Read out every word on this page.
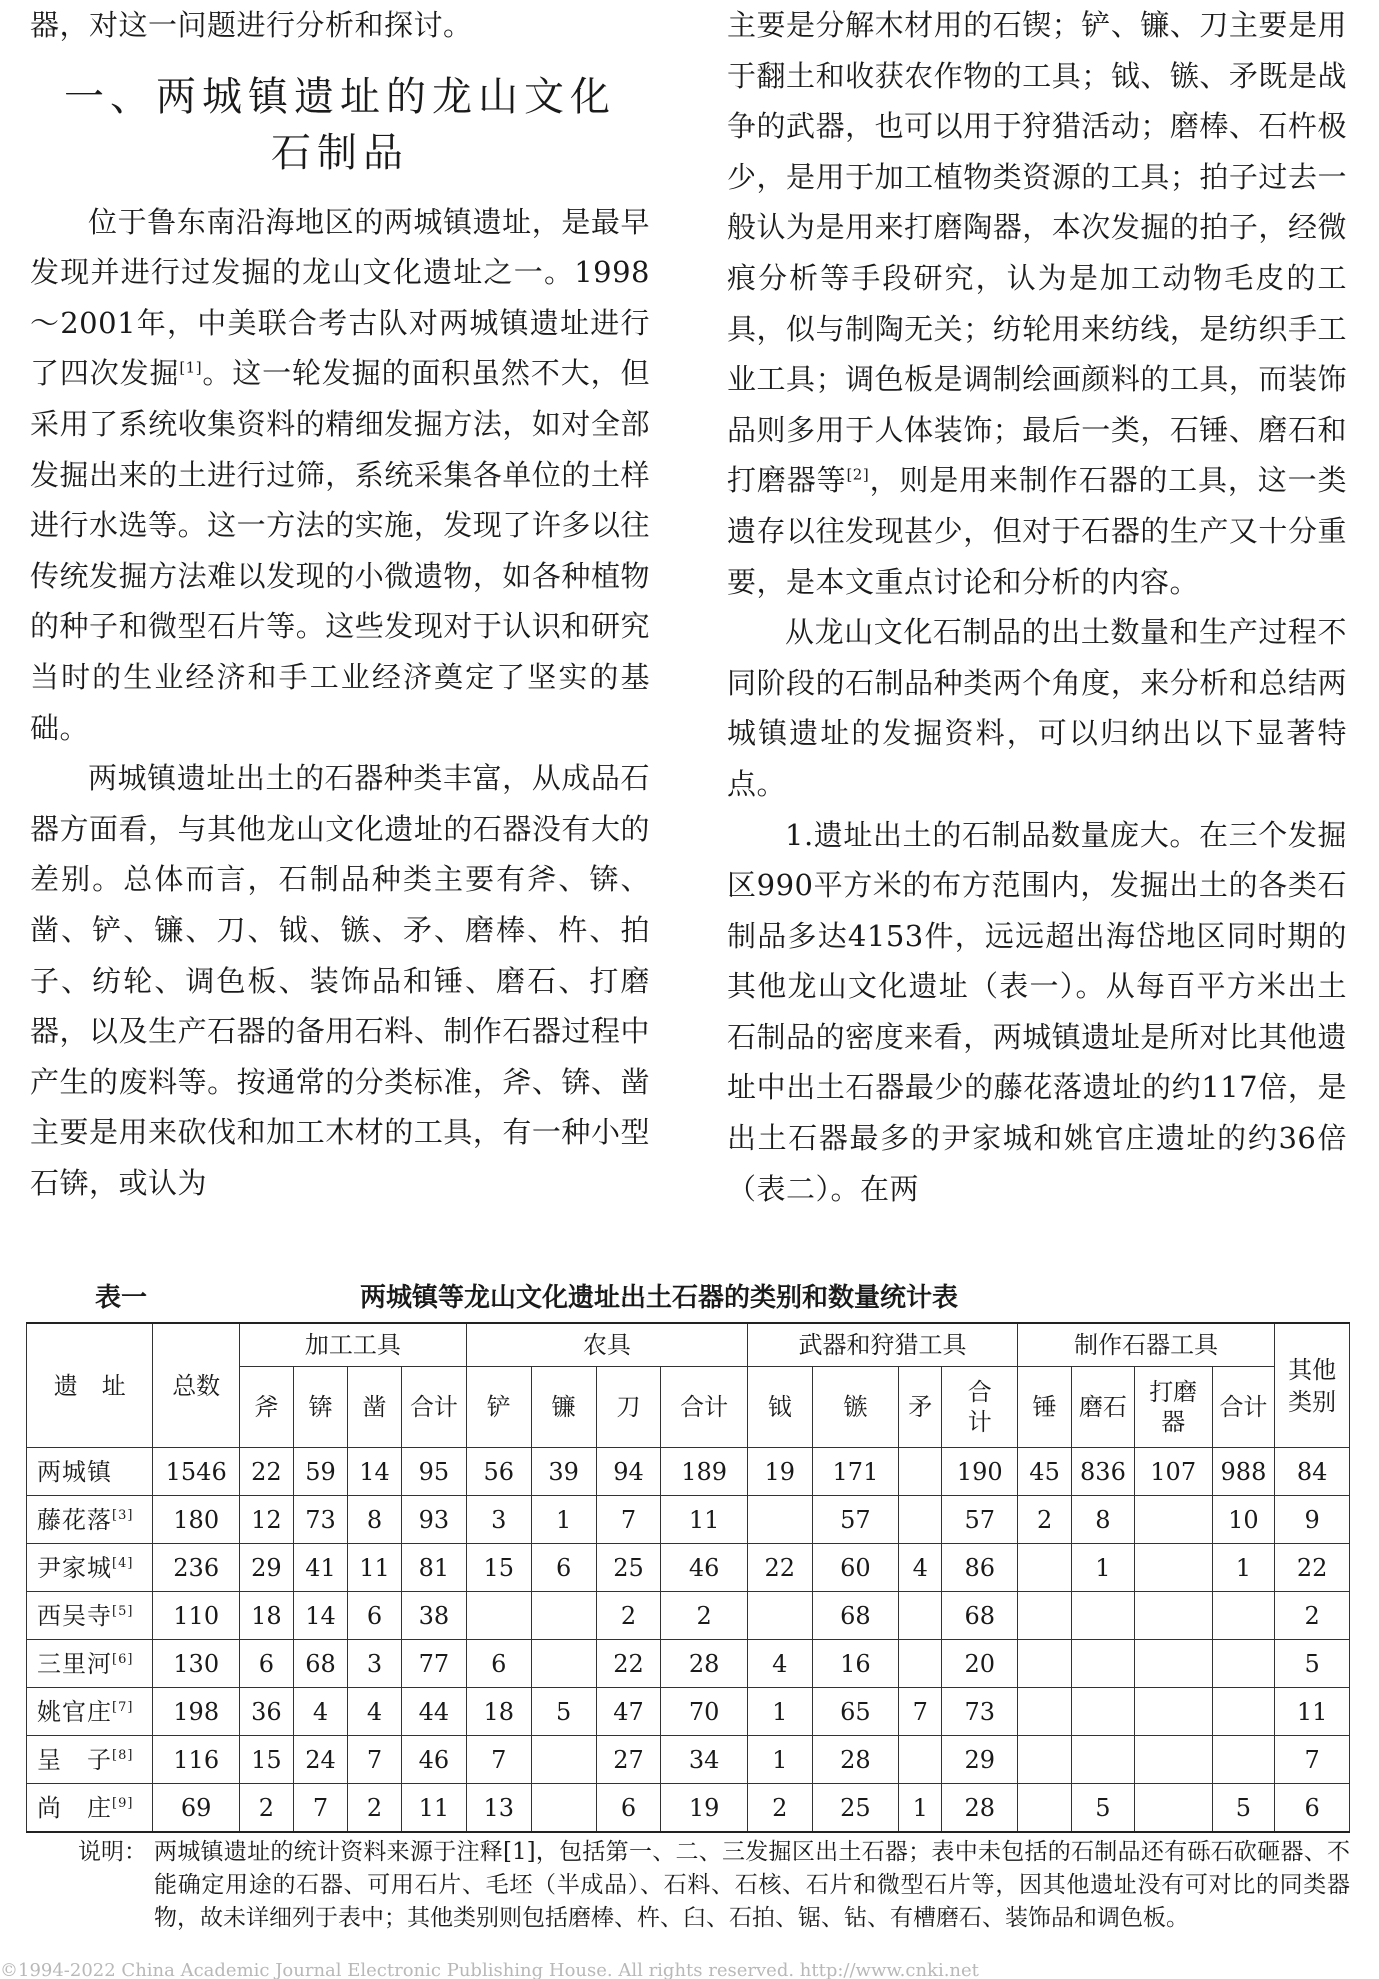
器，对这一问题进行分析和探讨。

一、两城镇遗址的龙山文化
石制品

位于鲁东南沿海地区的两城镇遗址，是最早发现并进行过发掘的龙山文化遗址之一。1998～2001年，中美联合考古队对两城镇遗址进行了四次发掘[1]。这一轮发掘的面积虽然不大，但采用了系统收集资料的精细发掘方法，如对全部发掘出来的土进行过筛，系统采集各单位的土样进行水选等。这一方法的实施，发现了许多以往传统发掘方法难以发现的小微遗物，如各种植物的种子和微型石片等。这些发现对于认识和研究当时的生业经济和手工业经济奠定了坚实的基础。

两城镇遗址出土的石器种类丰富，从成品石器方面看，与其他龙山文化遗址的石器没有大的差别。总体而言，石制品种类主要有斧、锛、凿、铲、镰、刀、钺、镞、矛、磨棒、杵、拍子、纺轮、调色板、装饰品和锤、磨石、打磨器，以及生产石器的备用石料、制作石器过程中产生的废料等。按通常的分类标准，斧、锛、凿主要是用来砍伐和加工木材的工具，有一种小型石锛，或认为

主要是分解木材用的石锲；铲、镰、刀主要是用于翻土和收获农作物的工具；钺、镞、矛既是战争的武器，也可以用于狩猎活动；磨棒、石杵极少，是用于加工植物类资源的工具；拍子过去一般认为是用来打磨陶器，本次发掘的拍子，经微痕分析等手段研究，认为是加工动物毛皮的工具，似与制陶无关；纺轮用来纺线，是纺织手工业工具；调色板是调制绘画颜料的工具，而装饰品则多用于人体装饰；最后一类，石锤、磨石和打磨器等[2]，则是用来制作石器的工具，这一类遗存以往发现甚少，但对于石器的生产又十分重要，是本文重点讨论和分析的内容。

从龙山文化石制品的出土数量和生产过程不同阶段的石制品种类两个角度，来分析和总结两城镇遗址的发掘资料，可以归纳出以下显著特点。

1.遗址出土的石制品数量庞大。在三个发掘区990平方米的布方范围内，发掘出土的各类石制品多达4153件，远远超出海岱地区同时期的其他龙山文化遗址（表一）。从每百平方米出土石制品的密度来看，两城镇遗址是所对比其他遗址中出土石器最少的藤花落遗址的约117倍，是出土石器最多的尹家城和姚官庄遗址的约36倍（表二）。在两

表一	两城镇等龙山文化遗址出土石器的类别和数量统计表
遗　址	总数	加工工具				农具				武器和狩猎工具				制作石器工具				其他类别
		斧	锛	凿	合计	铲	镰	刀	合计	钺	镞	矛	合计	锤	磨石	打磨器	合计	
两城镇	1546	22	59	14	95	56	39	94	189	19	171		190	45	836	107	988	84
藤花落[3]	180	12	73	8	93	3	1	7	11		57		57	2	8		10	9
尹家城[4]	236	29	41	11	81	15	6	25	46	22	60	4	86		1		1	22
西吴寺[5]	110	18	14	6	38			2	2		68		68					2
三里河[6]	130	6	68	3	77	6		22	28	4	16		20					5
姚官庄[7]	198	36	4	4	44	18	5	47	70	1	65	7	73					11
呈　子[8]	116	15	24	7	46	7		27	34	1	28		29					7
尚　庄[9]	69	2	7	2	11	13		6	19	2	25	1	28		5		5	6
说明： 两城镇遗址的统计资料来源于注释[1]，包括第一、二、三发掘区出土石器；表中未包括的石制品还有砾石砍砸器、不能确定用途的石器、可用石片、毛坯（半成品）、石料、石核、石片和微型石片等，因其他遗址没有可对比的同类器物，故未详细列于表中；其他类别则包括磨棒、杵、臼、石拍、锯、钻、有槽磨石、装饰品和调色板。
©1994-2022 China Academic Journal Electronic Publishing House. All rights reserved. http://www.cnki.net
